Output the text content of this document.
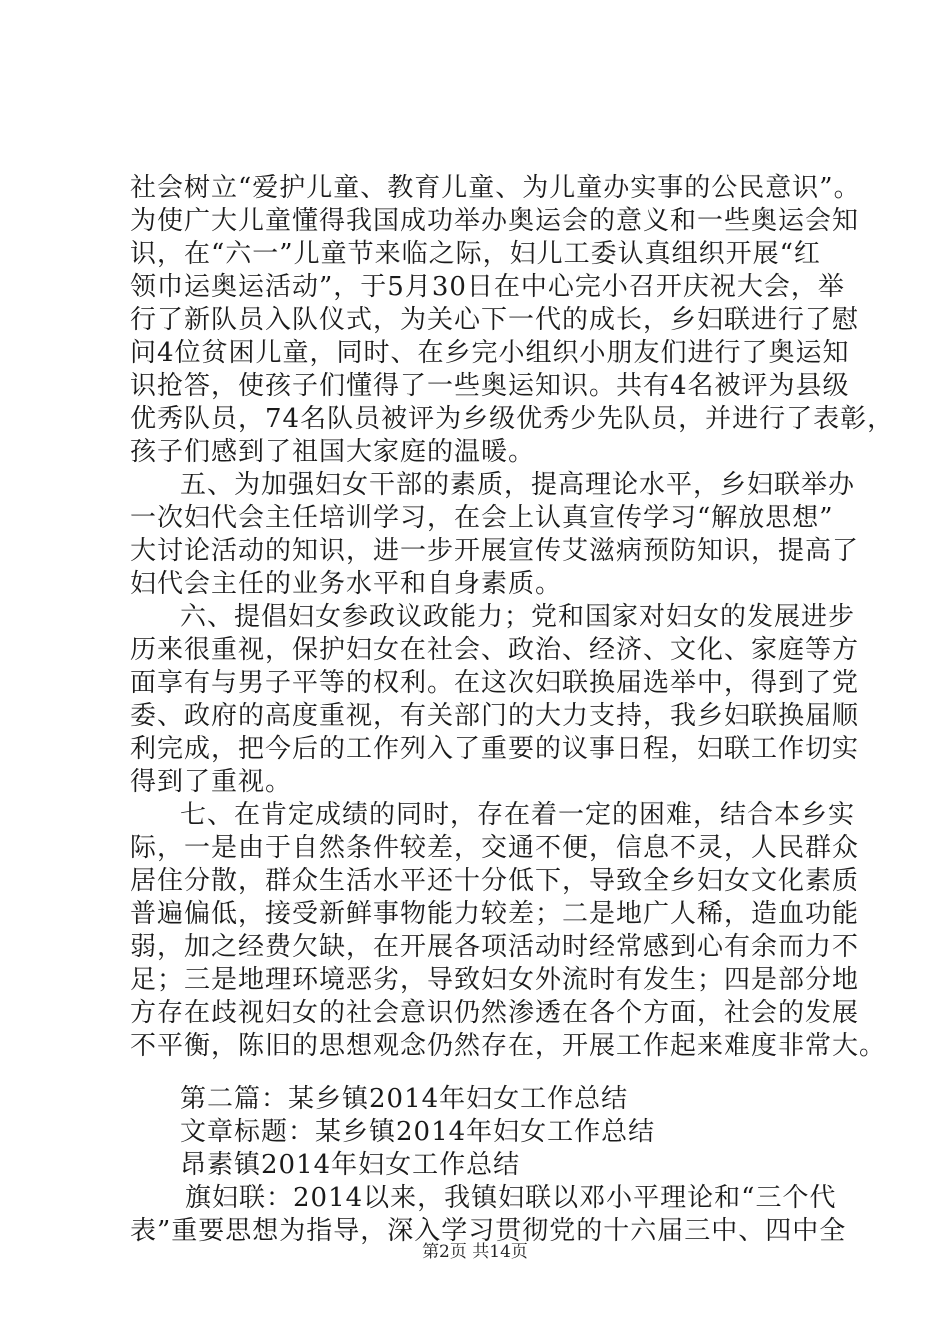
社会树立“爱护儿童、教育儿童、为儿童办实事的公民意识”。
为使广大儿童懂得我国成功举办奥运会的意义和一些奥运会知
识，在“六一”儿童节来临之际，妇儿工委认真组织开展“红
领巾运奥运活动”，于5月30日在中心完小召开庆祝大会，举
行了新队员入队仪式，为关心下一代的成长，乡妇联进行了慰
问4位贫困儿童，同时、在乡完小组织小朋友们进行了奥运知
识抢答，使孩子们懂得了一些奥运知识。共有4名被评为县级
优秀队员，74名队员被评为乡级优秀少先队员，并进行了表彰，
孩子们感到了祖国大家庭的温暖。
五、为加强妇女干部的素质，提高理论水平，乡妇联举办
一次妇代会主任培训学习，在会上认真宣传学习“解放思想”
大讨论活动的知识，进一步开展宣传艾滋病预防知识，提高了
妇代会主任的业务水平和自身素质。
六、提倡妇女参政议政能力；党和国家对妇女的发展进步
历来很重视，保护妇女在社会、政治、经济、文化、家庭等方
面享有与男子平等的权利。在这次妇联换届选举中，得到了党
委、政府的高度重视，有关部门的大力支持，我乡妇联换届顺
利完成，把今后的工作列入了重要的议事日程，妇联工作切实
得到了重视。
七、在肯定成绩的同时，存在着一定的困难，结合本乡实
际，一是由于自然条件较差，交通不便，信息不灵，人民群众
居住分散，群众生活水平还十分低下，导致全乡妇女文化素质
普遍偏低，接受新鲜事物能力较差；二是地广人稀，造血功能
弱，加之经费欠缺，在开展各项活动时经常感到心有余而力不
足；三是地理环境恶劣，导致妇女外流时有发生；四是部分地
方存在歧视妇女的社会意识仍然渗透在各个方面，社会的发展
不平衡，陈旧的思想观念仍然存在，开展工作起来难度非常大。
第二篇：某乡镇2014年妇女工作总结
文章标题：某乡镇2014年妇女工作总结
昂素镇2014年妇女工作总结
旗妇联：2014以来，我镇妇联以邓小平理论和“三个代
表”重要思想为指导，深入学习贯彻党的十六届三中、四中全
第2页 共14页
